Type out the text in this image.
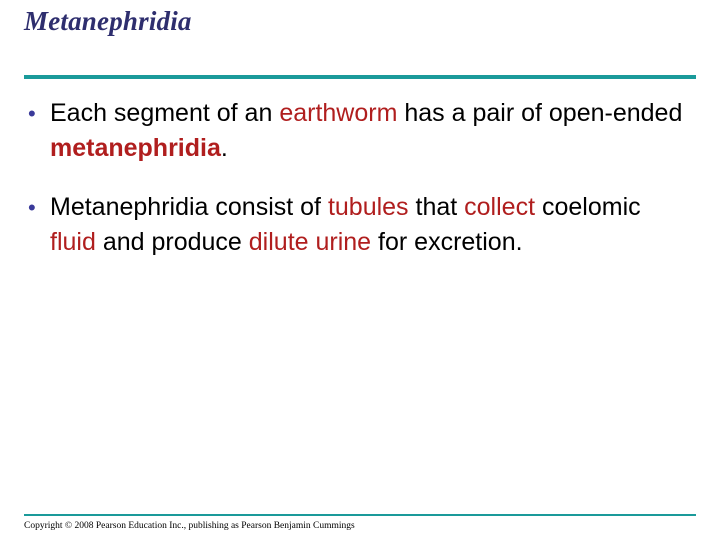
Metanephridia
• Each segment of an earthworm has a pair of open-ended metanephridia.
• Metanephridia consist of tubules that collect coelomic fluid and produce dilute urine for excretion.
Copyright © 2008 Pearson Education Inc., publishing as Pearson Benjamin Cummings
